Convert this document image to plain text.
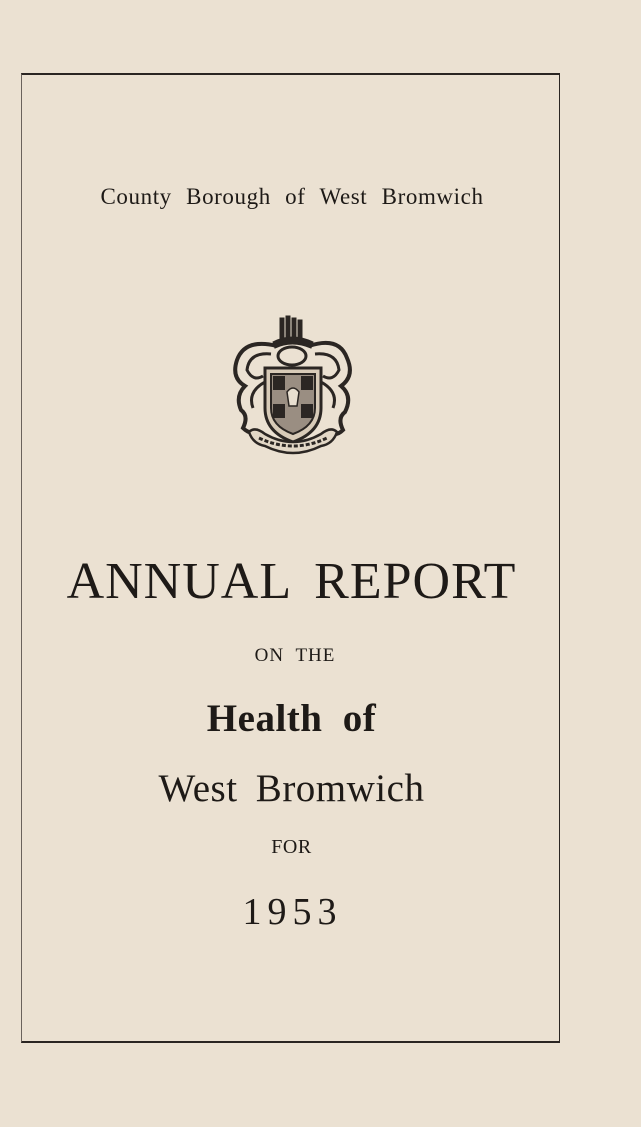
County Borough of West Bromwich
ANNUAL REPORT
ON THE
Health of
West Bromwich
FOR
1953
